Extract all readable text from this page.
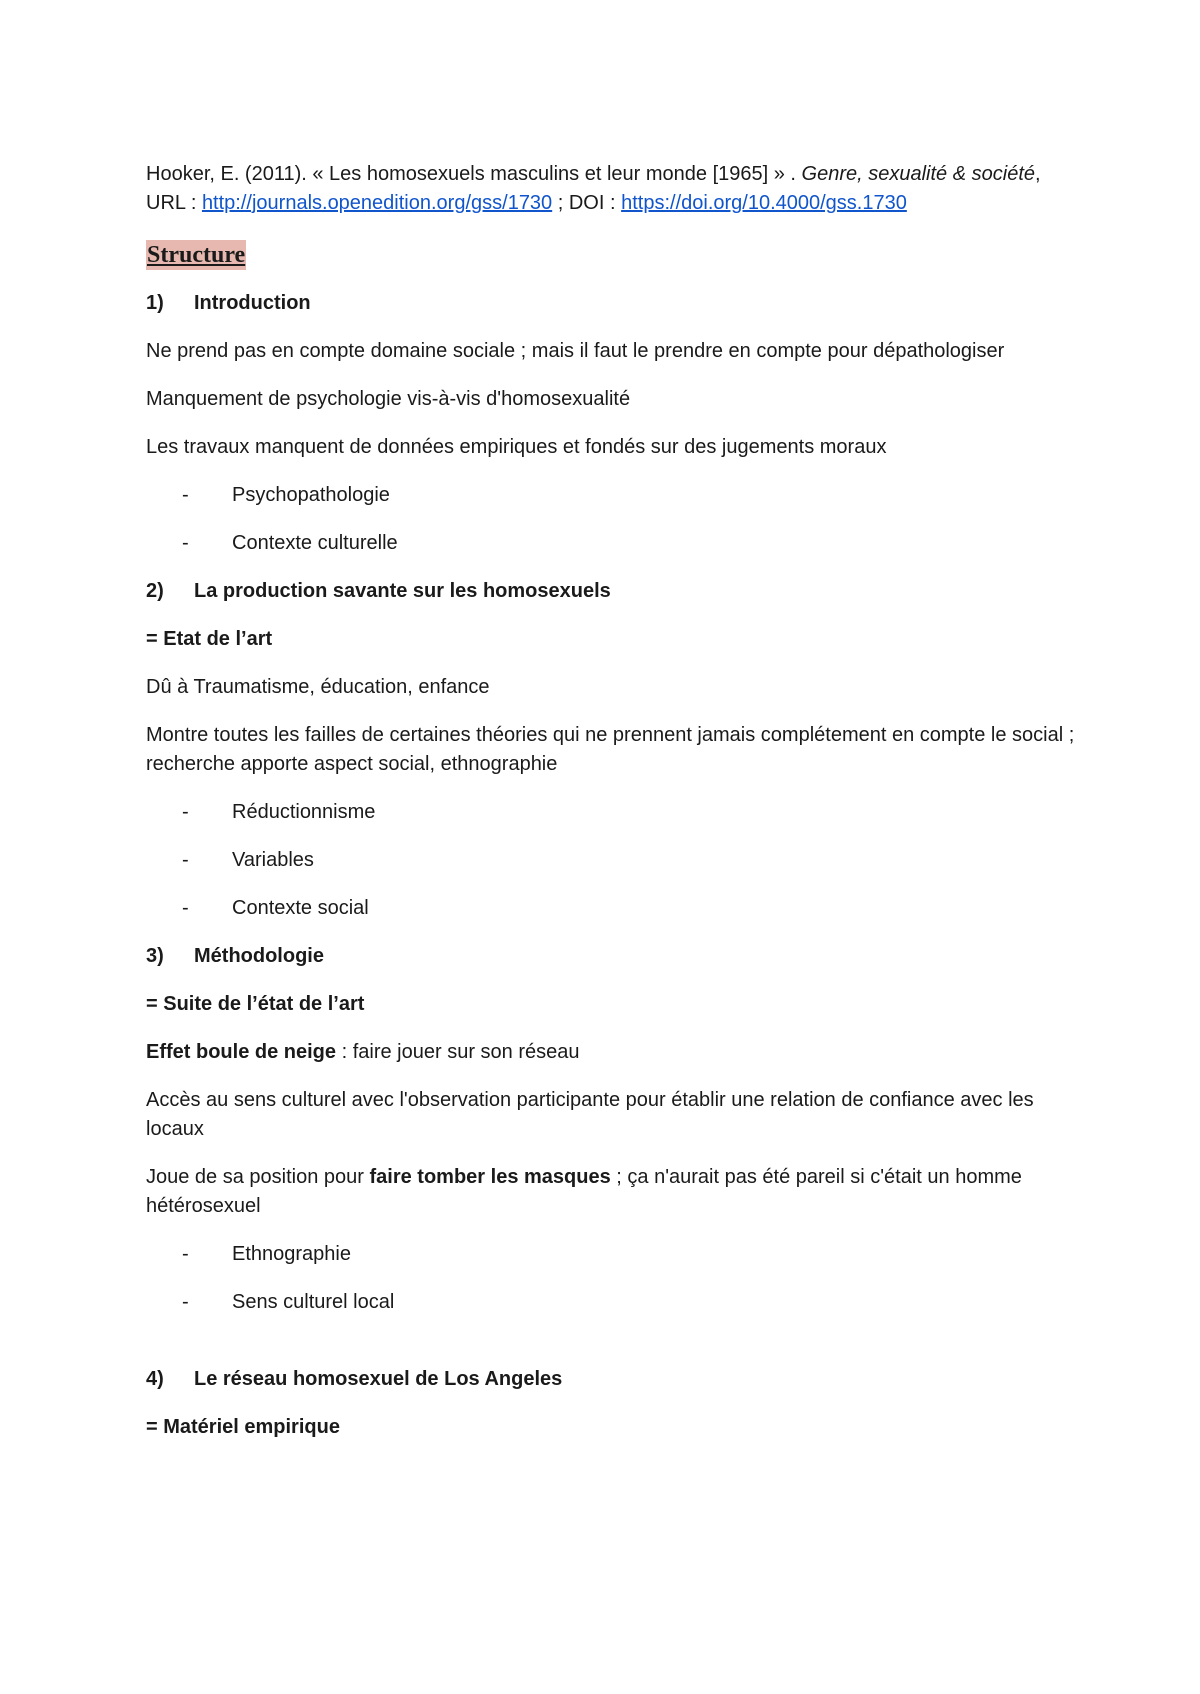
Hooker, E. (2011). « Les homosexuels masculins et leur monde [1965] » . Genre, sexualité & société, URL : http://journals.openedition.org/gss/1730 ; DOI : https://doi.org/10.4000/gss.1730

Structure

1) Introduction

Ne prend pas en compte domaine sociale ; mais il faut le prendre en compte pour dépathologiser

Manquement de psychologie vis-à-vis d'homosexualité

Les travaux manquent de données empiriques et fondés sur des jugements moraux

- Psychopathologie

- Contexte culturelle

2) La production savante sur les homosexuels

= Etat de l’art

Dû à Traumatisme, éducation, enfance

Montre toutes les failles de certaines théories qui ne prennent jamais complétement en compte le social ; recherche apporte aspect social, ethnographie

- Réductionnisme

- Variables

- Contexte social

3) Méthodologie

= Suite de l’état de l’art

Effet boule de neige : faire jouer sur son réseau

Accès au sens culturel avec l'observation participante pour établir une relation de confiance avec les locaux

Joue de sa position pour faire tomber les masques ; ça n'aurait pas été pareil si c'était un homme hétérosexuel

- Ethnographie

- Sens culturel local

4) Le réseau homosexuel de Los Angeles

= Matériel empirique
